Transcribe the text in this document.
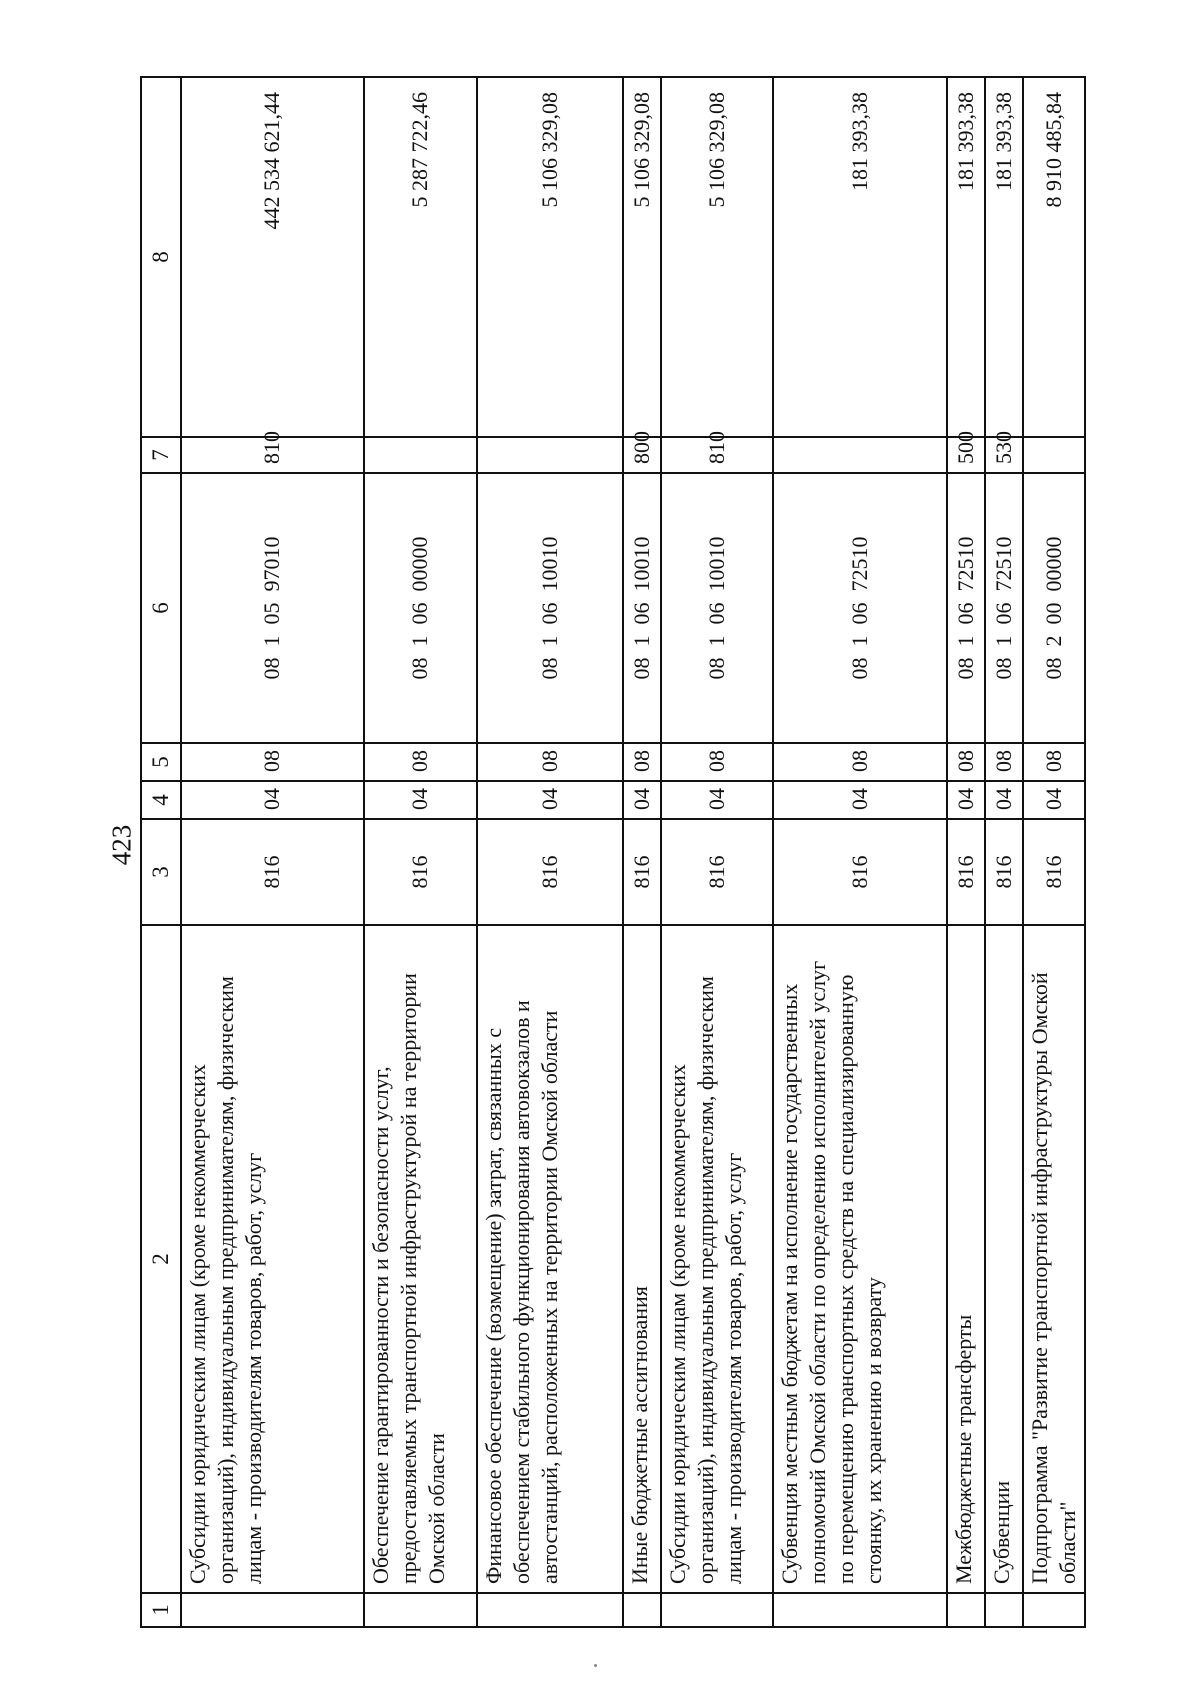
423
1	2	3	4	5	6	7	8
	Субсидии юридическим лицам (кроме некоммерческих организаций), индивидуальным предпринимателям, физическим лицам - производителям товаров, работ, услуг	816	04	08	08  1  05  97010	810	442 534 621,44
	Обеспечение гарантированности и безопасности услуг, предоставляемых транспортной инфраструктурой на территории Омской области	816	04	08	08  1  06  00000		5 287 722,46
	Финансовое обеспечение (возмещение) затрат, связанных с обеспечением стабильного функционирования автовокзалов и автостанций, расположенных на территории Омской области	816	04	08	08  1  06  10010		5 106 329,08
	Иные бюджетные ассигнования	816	04	08	08  1  06  10010	800	5 106 329,08
	Субсидии юридическим лицам (кроме некоммерческих организаций), индивидуальным предпринимателям, физическим лицам - производителям товаров, работ, услуг	816	04	08	08  1  06  10010	810	5 106 329,08
	Субвенция местным бюджетам на исполнение государственных полномочий Омской области по определению исполнителей услуг по перемещению транспортных средств на специализированную стоянку, их хранению и возврату	816	04	08	08  1  06  72510		181 393,38
	Межбюджетные трансферты	816	04	08	08  1  06  72510	500	181 393,38
	Субвенции	816	04	08	08  1  06  72510	530	181 393,38
	Подпрограмма "Развитие транспортной инфраструктуры Омской области"	816	04	08	08  2  00  00000		8 910 485,84
